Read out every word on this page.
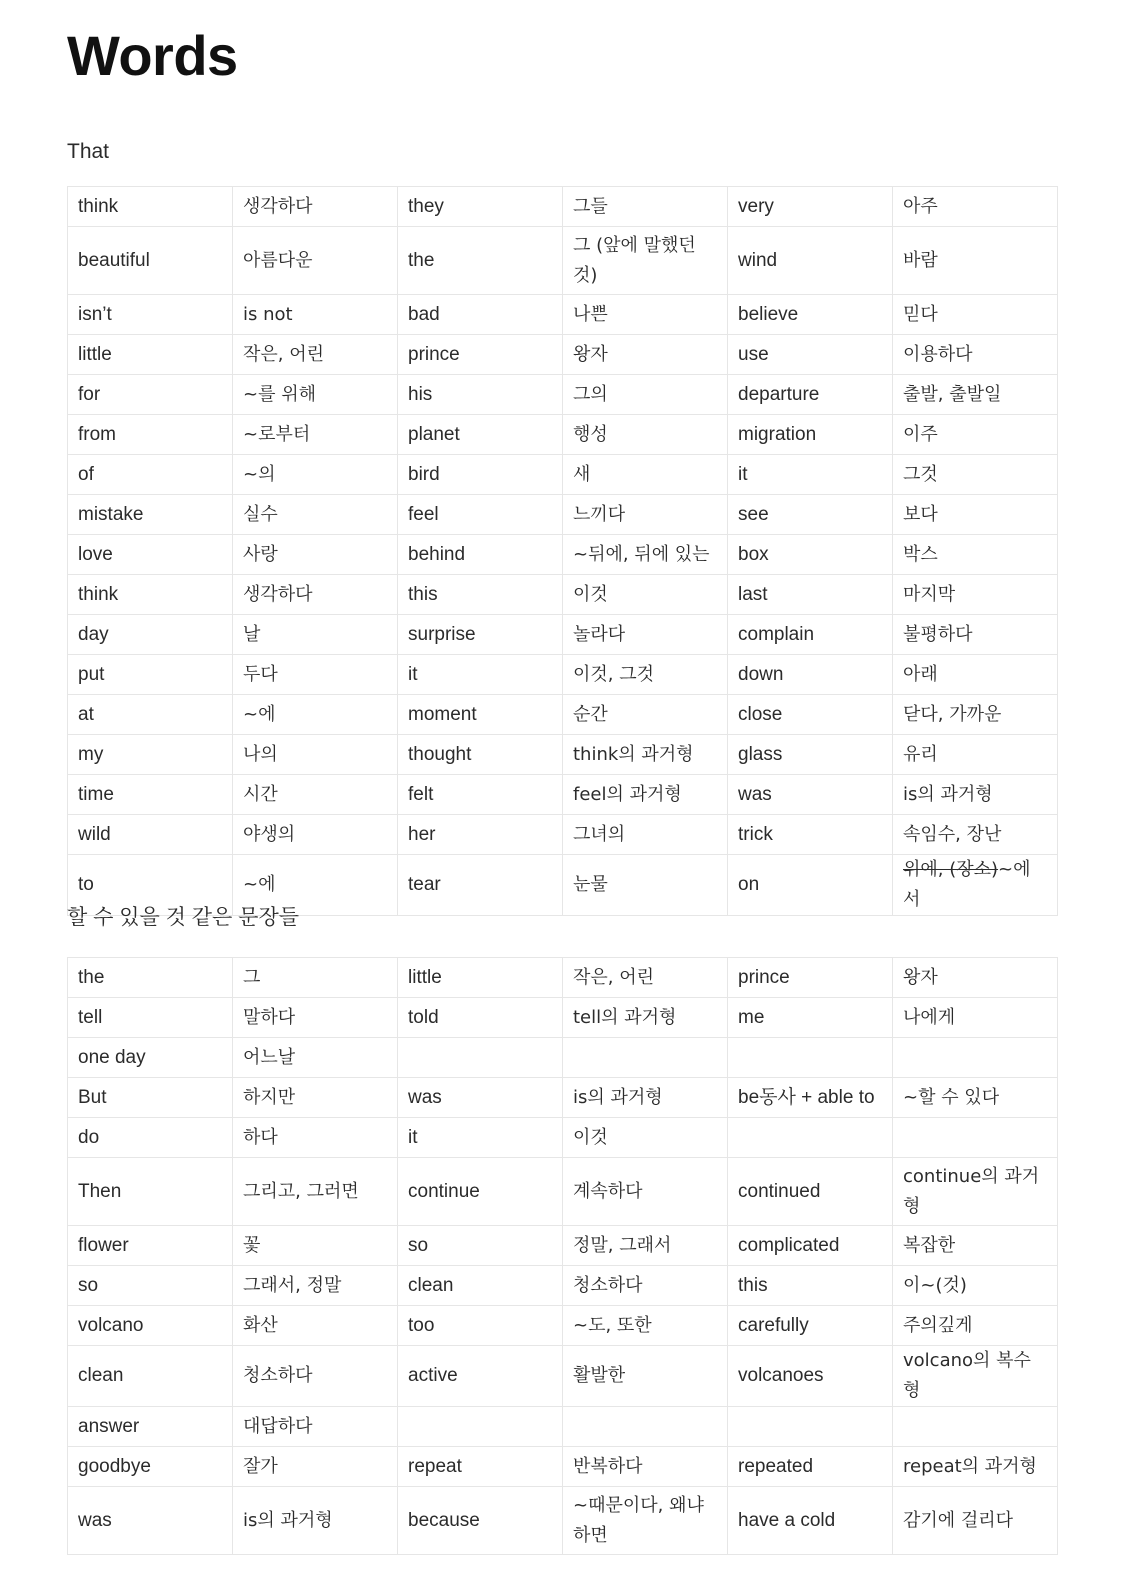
Words
That
think	생각하다	they	그들	very	아주
beautiful	아름다운	the	그 (앞에 말했던 것)	wind	바람
isn’t	is not	bad	나쁜	believe	믿다
little	작은, 어린	prince	왕자	use	이용하다
for	~를 위해	his	그의	departure	출발, 출발일
from	~로부터	planet	행성	migration	이주
of	~의	bird	새	it	그것
mistake	실수	feel	느끼다	see	보다
love	사랑	behind	~뒤에, 뒤에 있는	box	박스
think	생각하다	this	이것	last	마지막
day	날	surprise	놀라다	complain	불평하다
put	두다	it	이것, 그것	down	아래
at	~에	moment	순간	close	닫다, 가까운
my	나의	thought	think의 과거형	glass	유리
time	시간	felt	feel의 과거형	was	is의 과거형
wild	야생의	her	그녀의	trick	속임수, 장난
to	~에	tear	눈물	on	위에, (장소)~에서
할 수 있을 것 같은 문장들
the	그	little	작은, 어린	prince	왕자
tell	말하다	told	tell의 과거형	me	나에게
one day	어느날				
But	하지만	was	is의 과거형	be동사 + able to	~할 수 있다
do	하다	it	이것		
Then	그리고, 그러면	continue	계속하다	continued	continue의 과거형
flower	꽃	so	정말, 그래서	complicated	복잡한
so	그래서, 정말	clean	청소하다	this	이~(것)
volcano	화산	too	~도, 또한	carefully	주의깊게
clean	청소하다	active	활발한	volcanoes	volcano의 복수형
answer	대답하다				
goodbye	잘가	repeat	반복하다	repeated	repeat의 과거형
was	is의 과거형	because	~때문이다, 왜냐하면	have a cold	감기에 걸리다
